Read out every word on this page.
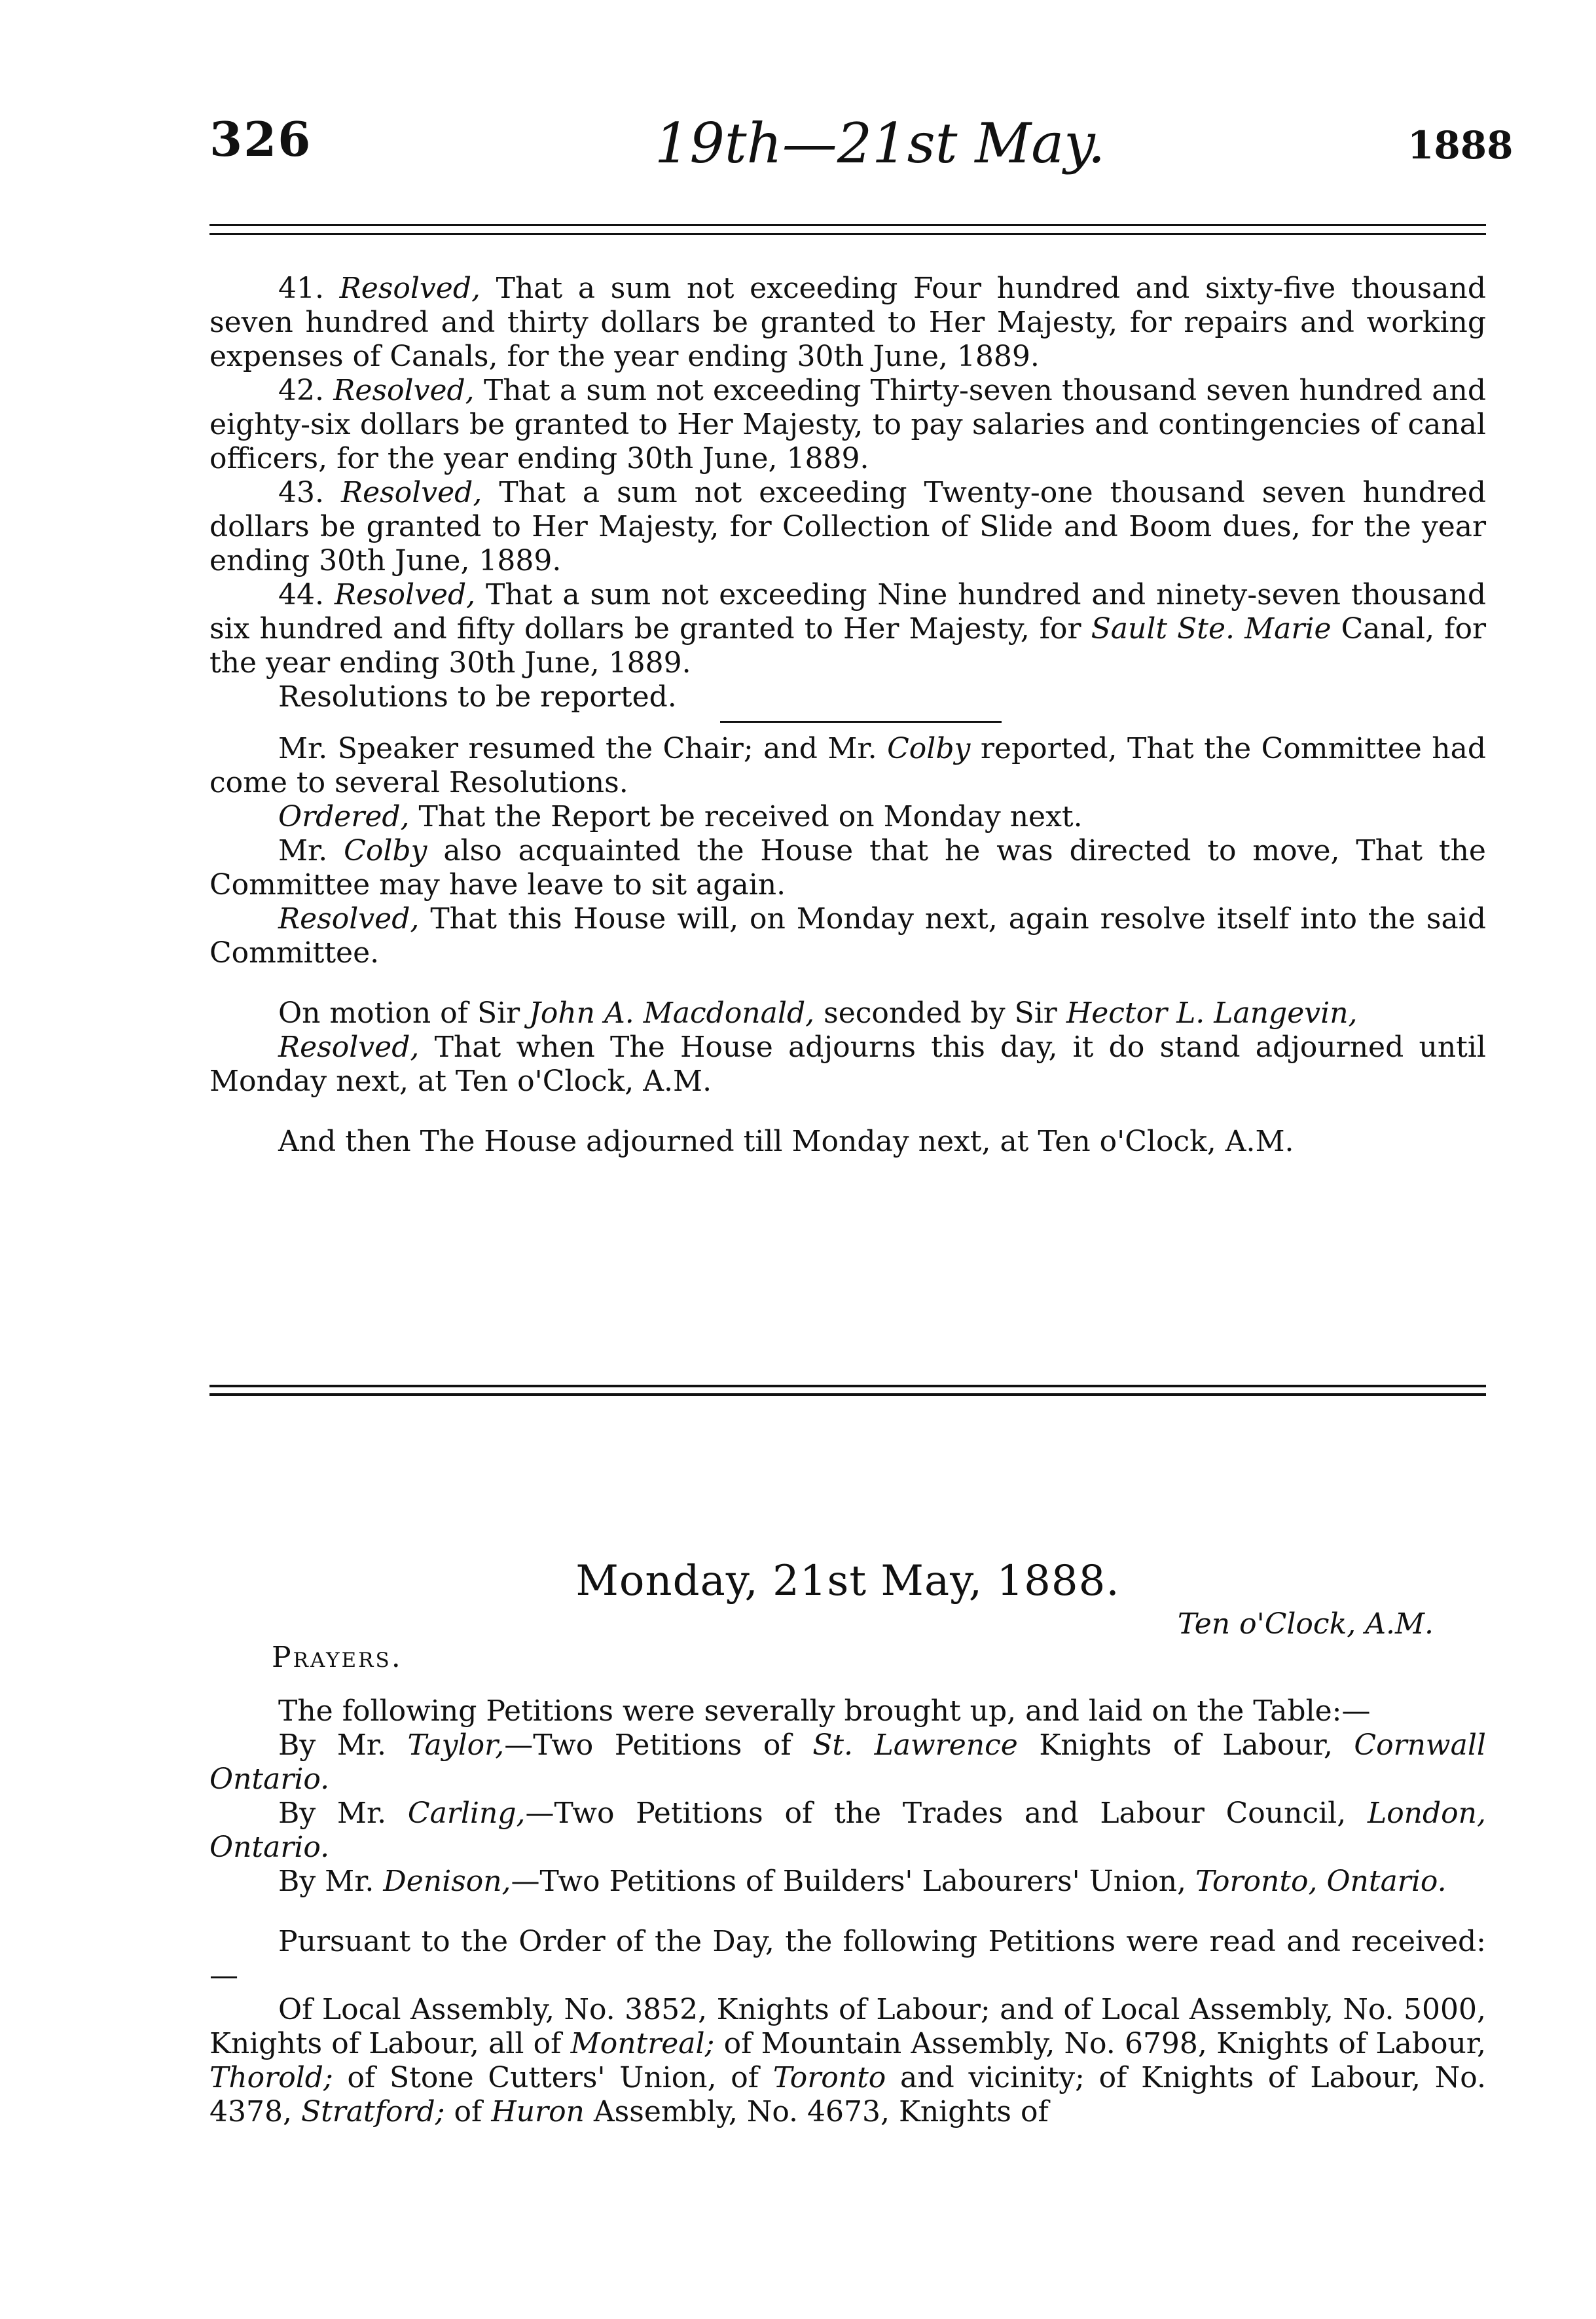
326	19th—21st May.	1888

41. Resolved, That a sum not exceeding Four hundred and sixty-five thousand seven hundred and thirty dollars be granted to Her Majesty, for repairs and working expenses of Canals, for the year ending 30th June, 1889.

42. Resolved, That a sum not exceeding Thirty-seven thousand seven hundred and eighty-six dollars be granted to Her Majesty, to pay salaries and contingencies of canal officers, for the year ending 30th June, 1889.

43. Resolved, That a sum not exceeding Twenty-one thousand seven hundred dollars be granted to Her Majesty, for Collection of Slide and Boom dues, for the year ending 30th June, 1889.

44. Resolved, That a sum not exceeding Nine hundred and ninety-seven thousand six hundred and fifty dollars be granted to Her Majesty, for Sault Ste. Marie Canal, for the year ending 30th June, 1889.

Resolutions to be reported.

Mr. Speaker resumed the Chair; and Mr. Colby reported, That the Committee had come to several Resolutions.

Ordered, That the Report be received on Monday next.

Mr. Colby also acquainted the House that he was directed to move, That the Committee may have leave to sit again.

Resolved, That this House will, on Monday next, again resolve itself into the said Committee.

On motion of Sir John A. Macdonald, seconded by Sir Hector L. Langevin,

Resolved, That when The House adjourns this day, it do stand adjourned until Monday next, at Ten o'Clock, A.M.

And then The House adjourned till Monday next, at Ten o'Clock, A.M.

Monday, 21st May, 1888.
Ten o'Clock, A.M.

Prayers.

The following Petitions were severally brought up, and laid on the Table:—

By Mr. Taylor,—Two Petitions of St. Lawrence Knights of Labour, Cornwall Ontario.

By Mr. Carling,—Two Petitions of the Trades and Labour Council, London, Ontario.

By Mr. Denison,—Two Petitions of Builders' Labourers' Union, Toronto, Ontario.

Pursuant to the Order of the Day, the following Petitions were read and received:—

Of Local Assembly, No. 3852, Knights of Labour; and of Local Assembly, No. 5000, Knights of Labour, all of Montreal; of Mountain Assembly, No. 6798, Knights of Labour, Thorold; of Stone Cutters' Union, of Toronto and vicinity; of Knights of Labour, No. 4378, Stratford; of Huron Assembly, No. 4673, Knights of
